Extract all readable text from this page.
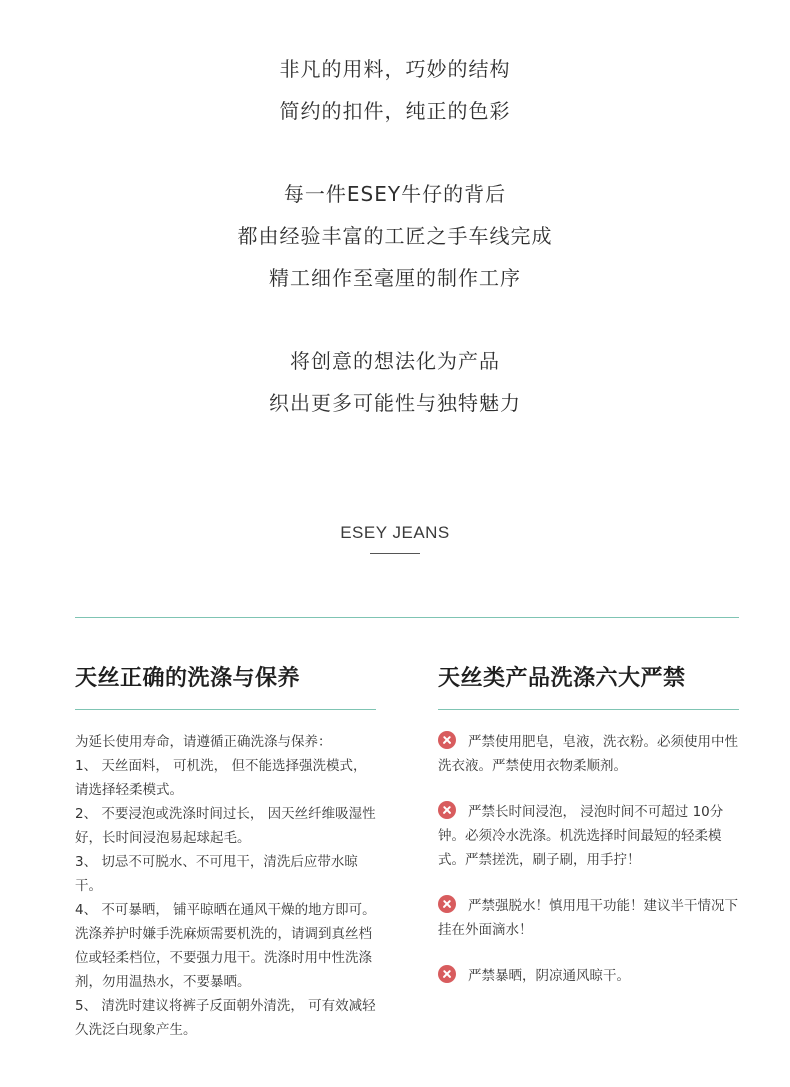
非凡的用料，巧妙的结构
简约的扣件，纯正的色彩
每一件ESEY牛仔的背后
都由经验丰富的工匠之手车线完成
精工细作至毫厘的制作工序
将创意的想法化为产品
织出更多可能性与独特魅力
ESEY JEANS
天丝正确的洗涤与保养
为延长使用寿命，请遵循正确洗涤与保养：
1、 天丝面料， 可机洗， 但不能选择强洗模式，请选择轻柔模式。
2、 不要浸泡或洗涤时间过长， 因天丝纤维吸湿性好，长时间浸泡易起球起毛。
3、 切忌不可脱水、不可甩干，清洗后应带水晾干。
4、 不可暴晒， 铺平晾晒在通风干燥的地方即可。洗涤养护时嫌手洗麻烦需要机洗的，请调到真丝档位或轻柔档位，不要强力甩干。洗涤时用中性洗涤剂，勿用温热水，不要暴晒。
5、 清洗时建议将裤子反面朝外清洗， 可有效减轻久洗泛白现象产生。
天丝类产品洗涤六大严禁
严禁使用肥皂，皂液，洗衣粉。必须使用中性洗衣液。严禁使用衣物柔顺剂。
严禁长时间浸泡， 浸泡时间不可超过 10分钟。必须冷水洗涤。机洗选择时间最短的轻柔模式。严禁搓洗，刷子刷，用手拧！
严禁强脱水！慎用甩干功能！建议半干情况下挂在外面滴水！
严禁暴晒，阴凉通风晾干。
